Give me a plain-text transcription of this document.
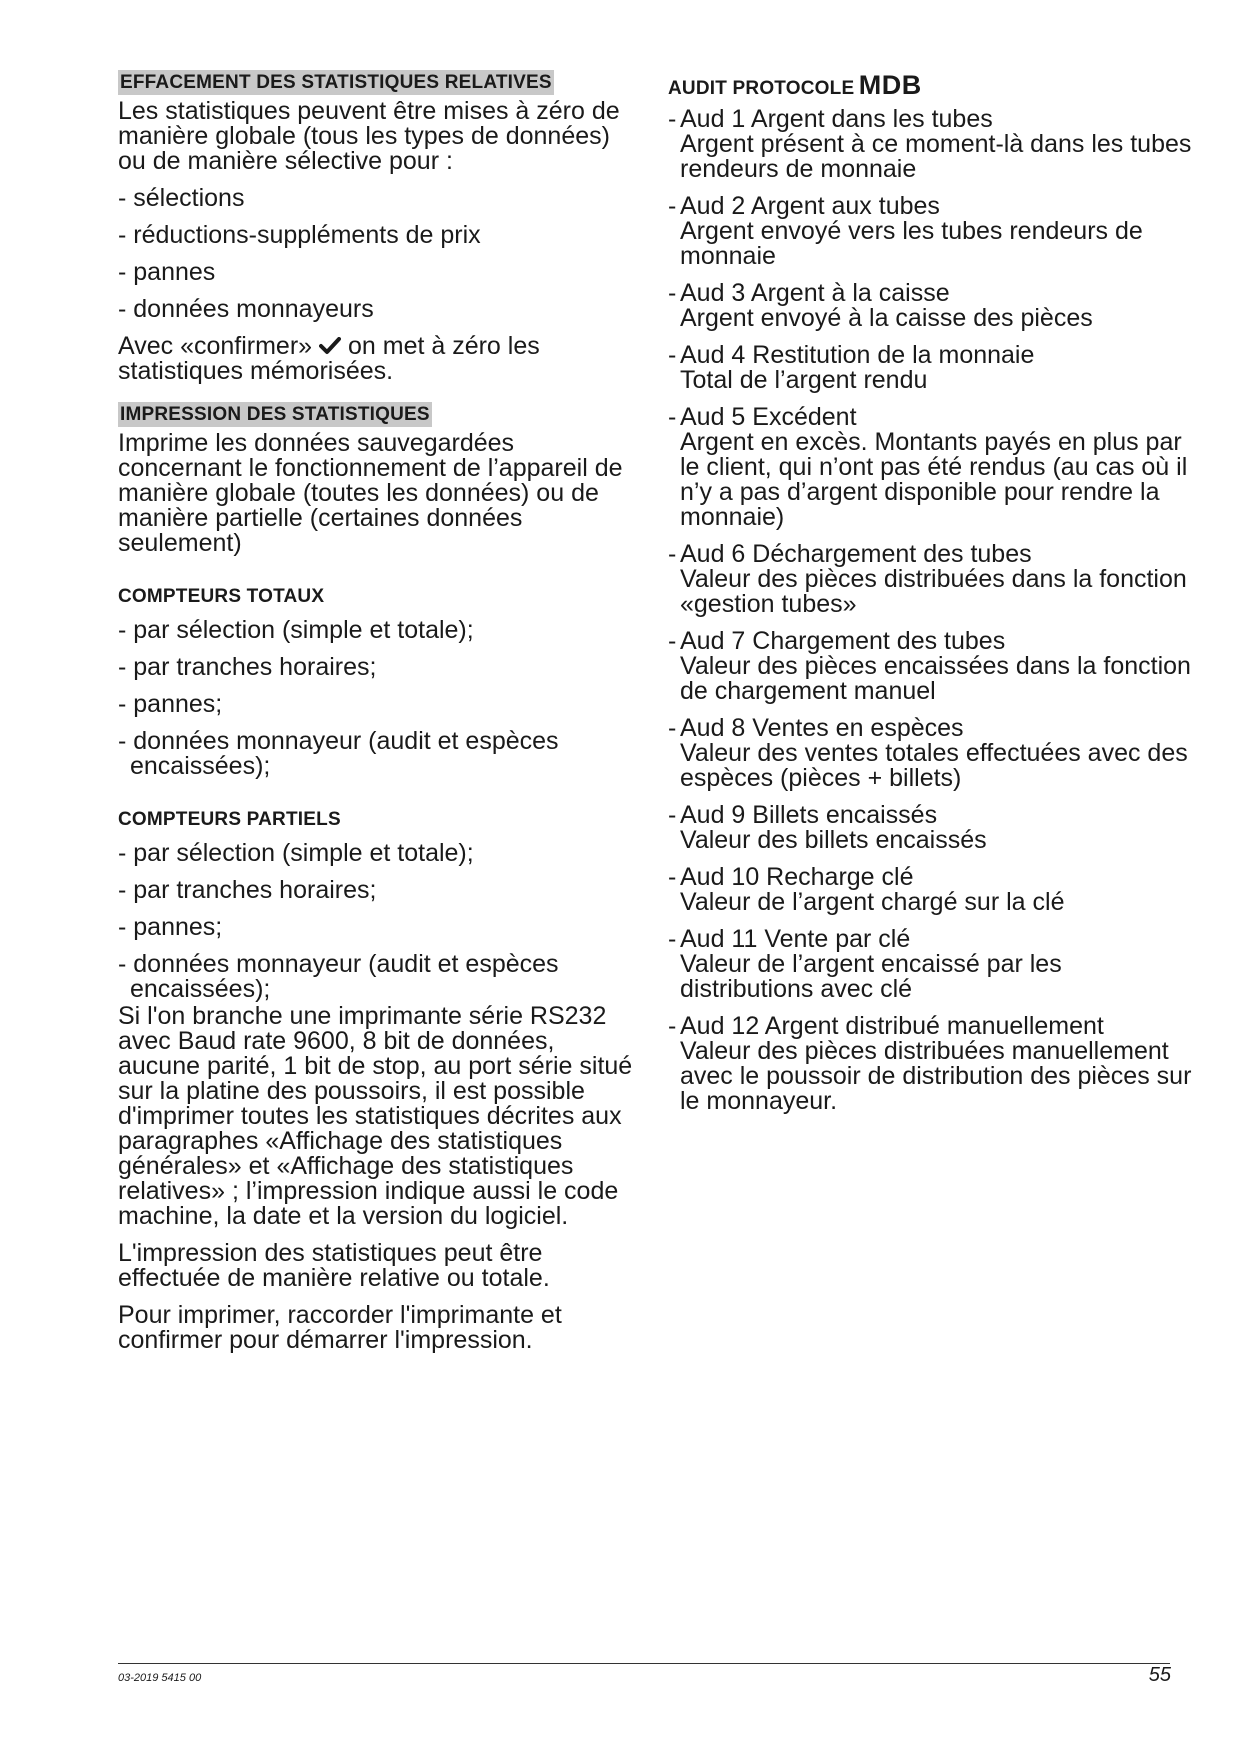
EFFACEMENT DES STATISTIQUES RELATIVES
Les statistiques peuvent être mises à zéro de manière globale (tous les types de données) ou de manière sélective pour :
- sélections
- réductions-suppléments de prix
- pannes
- données monnayeurs
Avec «confirmer» on met à zéro les statistiques mémorisées.
IMPRESSION DES STATISTIQUES
Imprime les données sauvegardées concernant le fonctionnement de l’appareil de manière globale (toutes les données) ou de manière partielle (certaines données seulement)
COMPTEURS TOTAUX
- par sélection (simple et totale);
- par tranches horaires;
- pannes;
- données monnayeur (audit et espèces encaissées);
COMPTEURS PARTIELS
- par sélection (simple et totale);
- par tranches horaires;
- pannes;
- données monnayeur (audit et espèces encaissées);
Si l'on branche une imprimante série RS232 avec Baud rate 9600, 8 bit de données, aucune parité, 1 bit de stop, au port série situé sur la platine des poussoirs, il est possible d'imprimer toutes les statistiques décrites aux paragraphes «Affichage des statistiques générales» et «Affichage des statistiques relatives» ; l’impression indique aussi le code machine, la date et la version du logiciel.
L'impression des statistiques peut être effectuée de manière relative ou totale.
Pour imprimer, raccorder l'imprimante et confirmer pour démarrer l'impression.
AUDIT PROTOCOLE MDB
- Aud 1 Argent dans les tubes
Argent présent à ce moment-là dans les tubes rendeurs de monnaie
- Aud 2 Argent aux tubes
Argent envoyé vers les tubes rendeurs de monnaie
- Aud 3 Argent à la caisse
Argent envoyé à la caisse des pièces
- Aud 4 Restitution de la monnaie
Total de l’argent rendu
- Aud 5 Excédent
Argent en excès. Montants payés en plus par le client, qui n’ont pas été rendus (au cas où il n’y a pas d’argent disponible pour rendre la monnaie)
- Aud 6 Déchargement des tubes
Valeur des pièces distribuées dans la fonction «gestion tubes»
- Aud 7 Chargement des tubes
Valeur des pièces encaissées dans la fonction de chargement manuel
- Aud 8 Ventes en espèces
Valeur des ventes totales effectuées avec des espèces (pièces + billets)
- Aud 9 Billets encaissés
Valeur des billets encaissés
- Aud 10 Recharge clé
Valeur de l’argent chargé sur la clé
- Aud 11 Vente par clé
Valeur de l’argent encaissé par les distributions avec clé
- Aud 12 Argent distribué manuellement
Valeur des pièces distribuées manuellement avec le poussoir de distribution des pièces sur le monnayeur.
03-2019 5415 00	55
